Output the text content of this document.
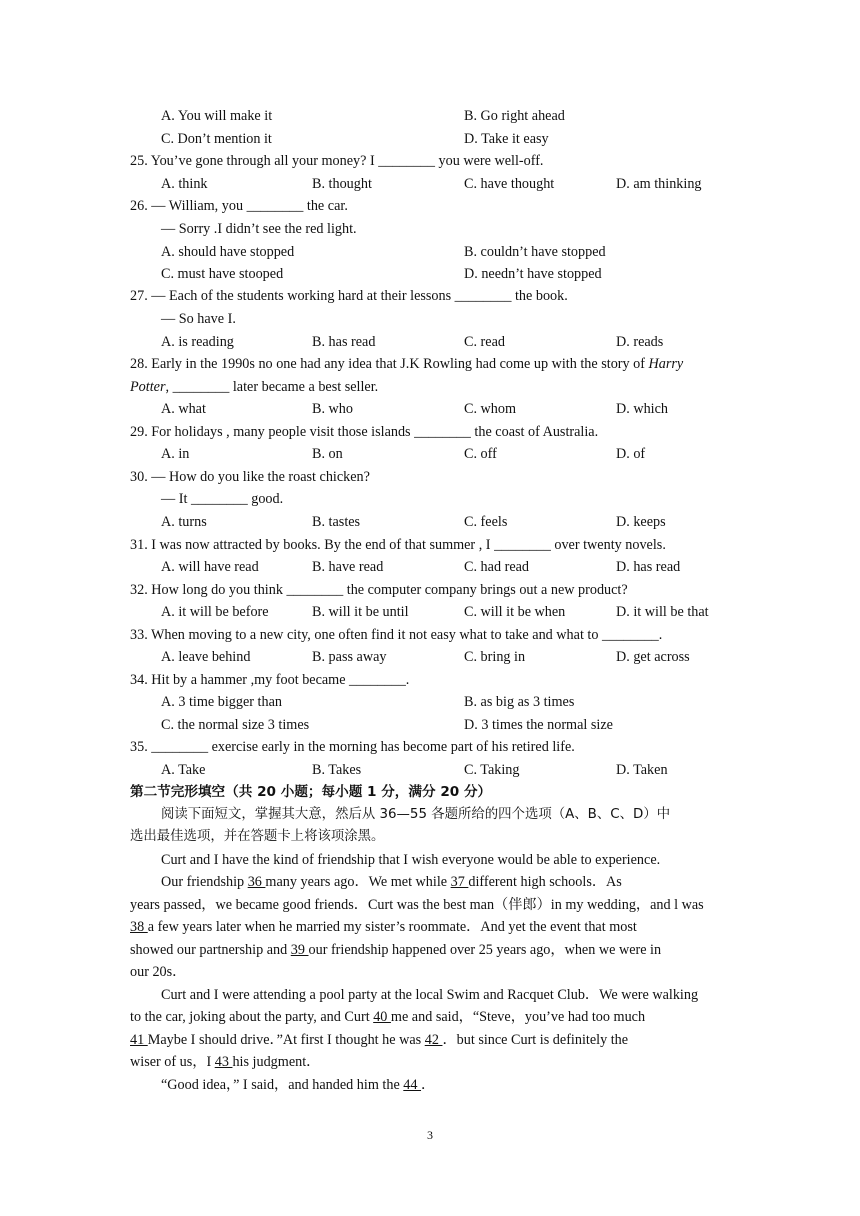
A. You will make it	B. Go right ahead
C. Don’t mention it	D. Take it easy
25. You’ve gone through all your money? I ________ you were well-off.
A. think	B. thought	C. have thought	D. am thinking
26. — William, you ________ the car.
— Sorry .I didn’t see the red light.
A. should have stopped	B. couldn’t have stopped
C. must have stooped	D. needn’t have stopped
27. — Each of the students working hard at their lessons ________ the book.
— So have I.
A. is reading	B. has read	C. read	D. reads
28. Early in the 1990s no one had any idea that J.K Rowling had come up with the story of Harry
Potter, ________ later became a best seller.
A. what	B. who	C. whom	D. which
29. For holidays , many people visit those islands ________ the coast of Australia.
A. in	B. on	C. off	D. of
30. — How do you like the roast chicken?
— It ________ good.
A. turns	B. tastes	C. feels	D. keeps
31. I was now attracted by books. By the end of that summer , I ________ over twenty novels.
A. will have read	B. have read	C. had read	D. has read
32. How long do you think ________ the computer company brings out a new product?
A. it will be before	B. will it be until	C. will it be when	D. it will be that
33. When moving to a new city, one often find it not easy what to take and what to ________.
A. leave behind	B. pass away	C. bring in	D. get across
34. Hit by a hammer ,my foot became ________.
A. 3 time bigger than	B. as big as 3 times
C. the normal size 3 times	D. 3 times the normal size
35. ________ exercise early in the morning has become part of his retired life.
A. Take	B. Takes	C. Taking	D. Taken
第二节完形填空（共 20 小题；每小题 1 分，满分 20 分）
阅读下面短文，掌握其大意，然后从 36—55 各题所给的四个选项（A、B、C、D）中
选出最佳选项，并在答题卡上将该项涂黑。
Curt and I have the kind of friendship that I wish everyone would be able to experience.
Our friendship 36 many years ago．We met while 37 different high schools．As
years passed，we became good friends．Curt was the best man（伴郎）in my wedding，and l was
38 a few years later when he married my sister’s roommate．And yet the event that most
showed our partnership and 39 our friendship happened over 25 years ago，when we were in
our 20s．
Curt and I were attending a pool party at the local Swim and Racquet Club．We were walking
to the car, joking about the party, and Curt 40 me and said，“Steve，you’ve had too much
41 Maybe I should drive．”At first I thought he was 42 ．but since Curt is definitely the
wiser of us，I 43 his judgment．
“Good idea，” I said，and handed him the 44 ．
3
